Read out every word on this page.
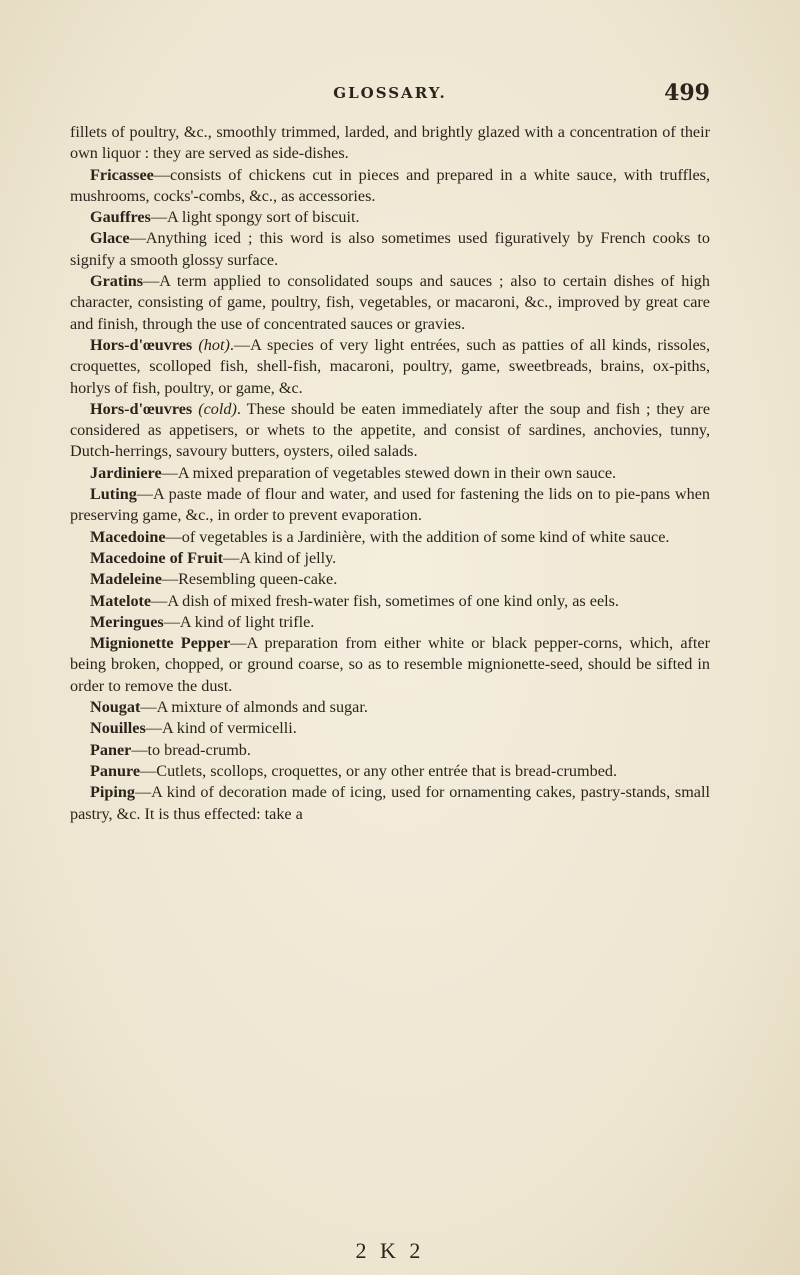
GLOSSARY.	499

fillets of poultry, &c., smoothly trimmed, larded, and brightly glazed with a concentration of their own liquor : they are served as side-dishes.

Fricassee—consists of chickens cut in pieces and prepared in a white sauce, with truffles, mushrooms, cocks'-combs, &c., as accessories.

Gauffres—A light spongy sort of biscuit.

Glace—Anything iced ; this word is also sometimes used figuratively by French cooks to signify a smooth glossy surface.

Gratins—A term applied to consolidated soups and sauces ; also to certain dishes of high character, consisting of game, poultry, fish, vegetables, or macaroni, &c., improved by great care and finish, through the use of concentrated sauces or gravies.

Hors-d'œuvres (hot).—A species of very light entrées, such as patties of all kinds, rissoles, croquettes, scolloped fish, shell-fish, macaroni, poultry, game, sweetbreads, brains, ox-piths, horlys of fish, poultry, or game, &c.

Hors-d'œuvres (cold). These should be eaten immediately after the soup and fish ; they are considered as appetisers, or whets to the appetite, and consist of sardines, anchovies, tunny, Dutch-herrings, savoury butters, oysters, oiled salads.

Jardiniere—A mixed preparation of vegetables stewed down in their own sauce.

Luting—A paste made of flour and water, and used for fastening the lids on to pie-pans when preserving game, &c., in order to prevent evaporation.

Macedoine—of vegetables is a Jardinière, with the addition of some kind of white sauce.

Macedoine of Fruit—A kind of jelly.

Madeleine—Resembling queen-cake.

Matelote—A dish of mixed fresh-water fish, sometimes of one kind only, as eels.

Meringues—A kind of light trifle.

Mignionette Pepper—A preparation from either white or black pepper-corns, which, after being broken, chopped, or ground coarse, so as to resemble mignionette-seed, should be sifted in order to remove the dust.

Nougat—A mixture of almonds and sugar.

Nouilles—A kind of vermicelli.

Paner—to bread-crumb.

Panure—Cutlets, scollops, croquettes, or any other entrée that is bread-crumbed.

Piping—A kind of decoration made of icing, used for ornamenting cakes, pastry-stands, small pastry, &c. It is thus effected: take a

2 K 2
